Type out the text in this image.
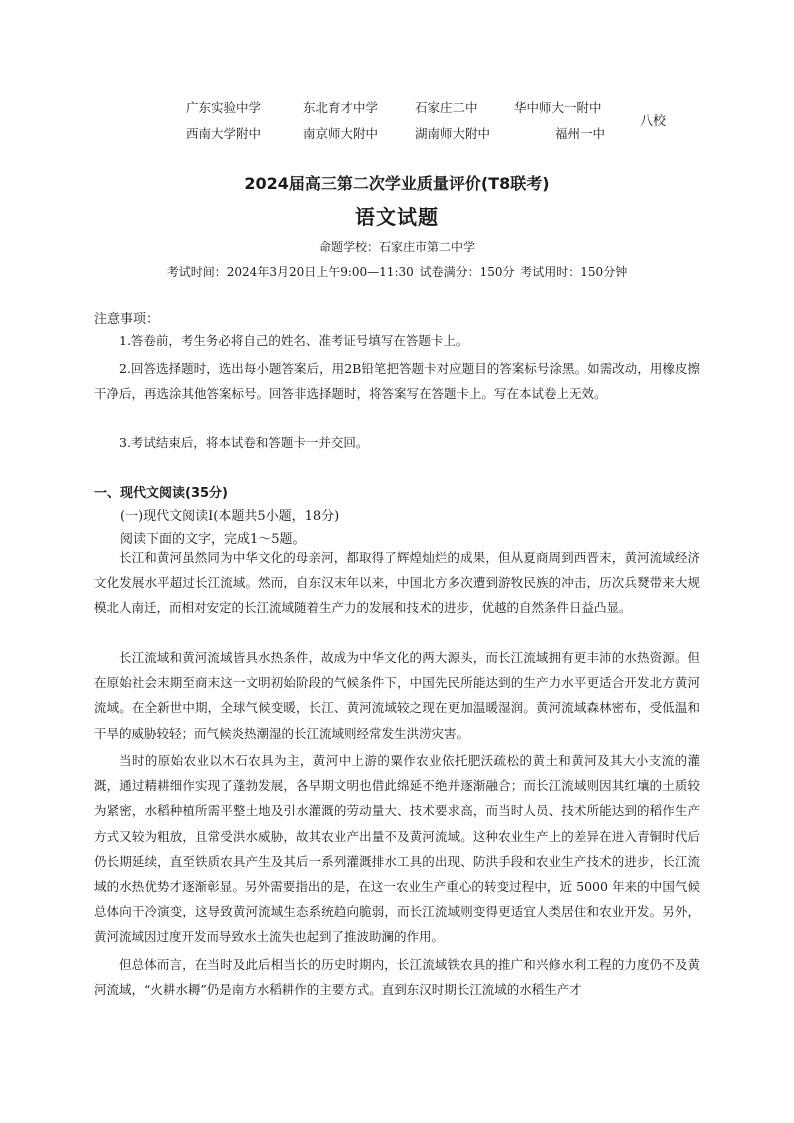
广东实验中学	东北育才中学	石家庄二中	华中师大一附中
西南大学附中	南京师大附中	湖南师大附中	福州一中
八校
2024届高三第二次学业质量评价(T8联考)
语文试题
命题学校：石家庄市第二中学
考试时间：2024年3月20日上午9:00—11:30 试卷满分：150分 考试用时：150分钟
注意事项：
1.答卷前，考生务必将自己的姓名、准考证号填写在答题卡上。
2.回答选择题时，选出每小题答案后，用2B铅笔把答题卡对应题目的答案标号涂黑。如需改动，用橡皮擦干净后，再选涂其他答案标号。回答非选择题时，将答案写在答题卡上。写在本试卷上无效。
3.考试结束后，将本试卷和答题卡一并交回。
一、现代文阅读(35分)
(一)现代文阅读Ⅰ(本题共5小题，18分)
阅读下面的文字，完成1～5题。
长江和黄河虽然同为中华文化的母亲河，都取得了辉煌灿烂的成果，但从夏商周到西晋末，黄河流域经济文化发展水平超过长江流域。然而，自东汉末年以来，中国北方多次遭到游牧民族的冲击，历次兵燹带来大规模北人南迁，而相对安定的长江流域随着生产力的发展和技术的进步，优越的自然条件日益凸显。
长江流域和黄河流域皆具水热条件，故成为中华文化的两大源头，而长江流域拥有更丰沛的水热资源。但在原始社会末期至商末这一文明初始阶段的气候条件下，中国先民所能达到的生产力水平更适合开发北方黄河流域。在全新世中期，全球气候变暖，长江、黄河流域较之现在更加温暖湿润。黄河流域森林密布，受低温和干旱的威胁较轻；而气候炎热潮湿的长江流域则经常发生洪涝灾害。
当时的原始农业以木石农具为主，黄河中上游的粟作农业依托肥沃疏松的黄土和黄河及其大小支流的灌溉，通过精耕细作实现了蓬勃发展，各早期文明也借此绵延不绝并逐渐融合；而长江流域则因其红壤的土质较为紧密，水稻种植所需平整土地及引水灌溉的劳动量大、技术要求高，而当时人员、技术所能达到的稻作生产方式又较为粗放，且常受洪水威胁，故其农业产出量不及黄河流域。这种农业生产上的差异在进入青铜时代后仍长期延续，直至铁质农具产生及其后一系列灌溉排水工具的出现、防洪手段和农业生产技术的进步，长江流域的水热优势才逐渐彰显。另外需要指出的是，在这一农业生产重心的转变过程中，近 5000 年来的中国气候总体向干冷演变，这导致黄河流域生态系统趋向脆弱，而长江流域则变得更适宜人类居住和农业开发。另外，黄河流域因过度开发而导致水土流失也起到了推波助澜的作用。
但总体而言，在当时及此后相当长的历史时期内，长江流域铁农具的推广和兴修水利工程的力度仍不及黄河流域，“火耕水耨”仍是南方水稻耕作的主要方式。直到东汉时期长江流域的水稻生产才
